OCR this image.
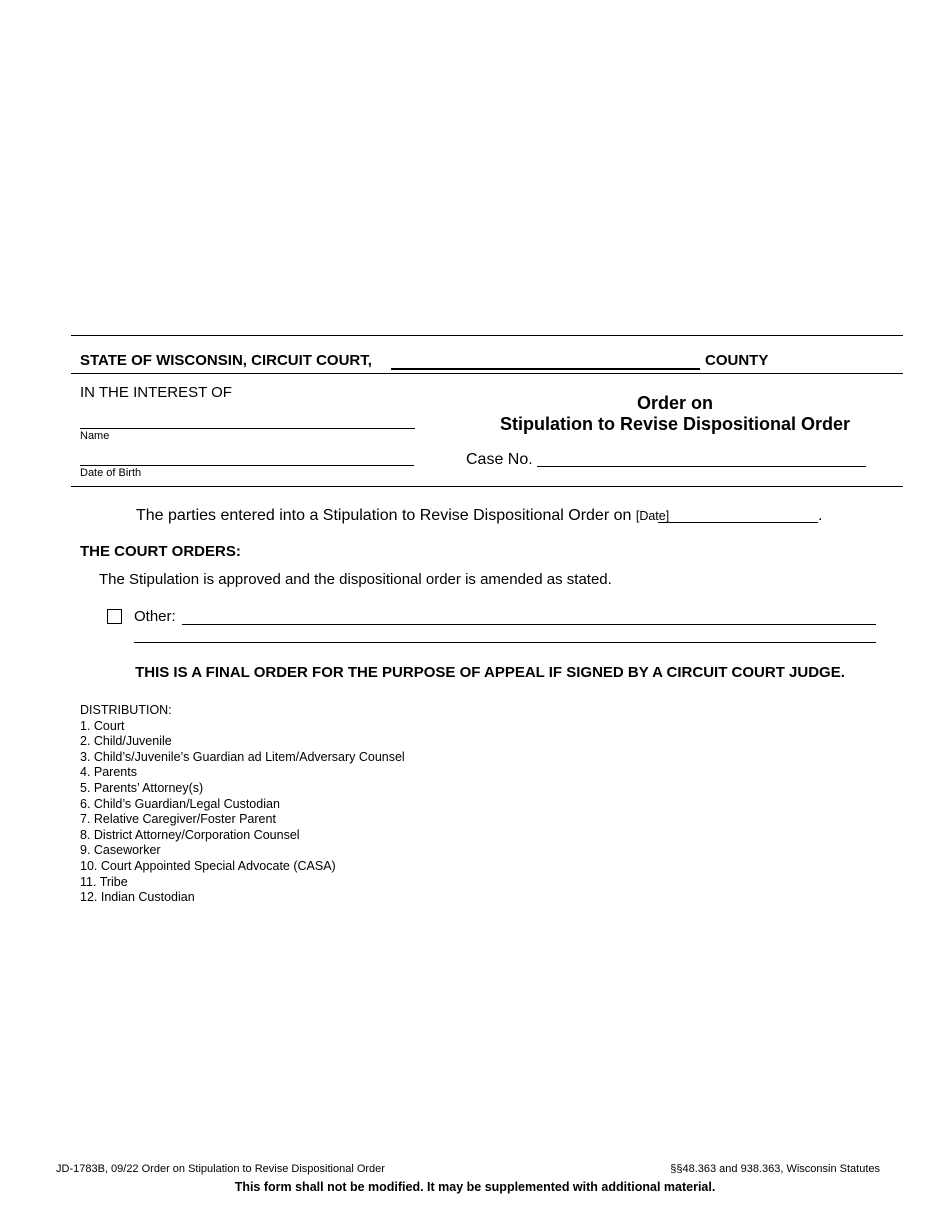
STATE OF WISCONSIN, CIRCUIT COURT,	COUNTY
IN THE INTEREST OF
Name
Date of Birth
Order on
Stipulation to Revise Dispositional Order
Case No.
The parties entered into a Stipulation to Revise Dispositional Order on [Date]	.
THE COURT ORDERS:
The Stipulation is approved and the dispositional order is amended as stated.
Other:
THIS IS A FINAL ORDER FOR THE PURPOSE OF APPEAL IF SIGNED BY A CIRCUIT COURT JUDGE.
DISTRIBUTION:
1. Court
2. Child/Juvenile
3. Child’s/Juvenile’s Guardian ad Litem/Adversary Counsel
4. Parents
5. Parents’ Attorney(s)
6. Child’s Guardian/Legal Custodian
7. Relative Caregiver/Foster Parent
8. District Attorney/Corporation Counsel
9. Caseworker
10. Court Appointed Special Advocate (CASA)
11. Tribe
12. Indian Custodian
JD-1783B, 09/22 Order on Stipulation to Revise Dispositional Order	§§48.363 and 938.363, Wisconsin Statutes
This form shall not be modified. It may be supplemented with additional material.
